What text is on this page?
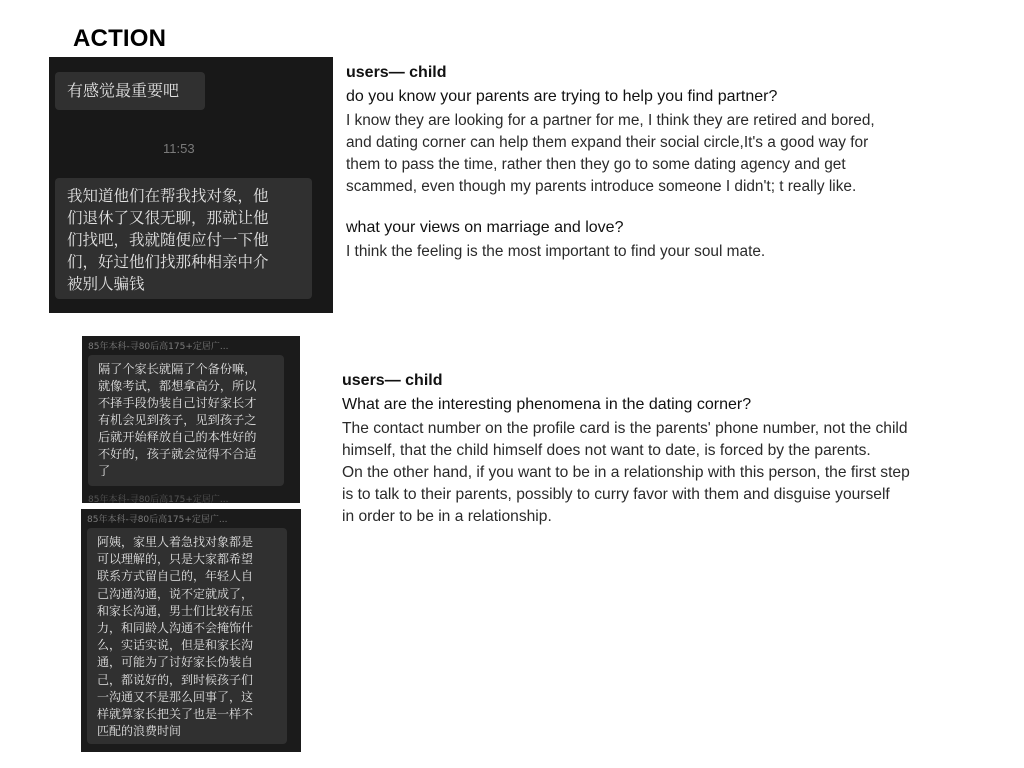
ACTION
有感觉最重要吧
11:53
我知道他们在帮我找对象，他
们退休了又很无聊，那就让他
们找吧，我就随便应付一下他
们，好过他们找那种相亲中介
被别人骗钱
85年本科-寻80后高175+定居广...
隔了个家长就隔了个备份嘛，
就像考试，都想拿高分，所以
不择手段伪装自己讨好家长才
有机会见到孩子，见到孩子之
后就开始释放自己的本性好的
不好的，孩子就会觉得不合适
了
85年本科-寻80后高175+定居广...
85年本科-寻80后高175+定居广...
阿姨，家里人着急找对象都是
可以理解的，只是大家都希望
联系方式留自己的，年轻人自
己沟通沟通，说不定就成了，
和家长沟通，男士们比较有压
力，和同龄人沟通不会掩饰什
么，实话实说，但是和家长沟
通，可能为了讨好家长伪装自
己，都说好的，到时候孩子们
一沟通又不是那么回事了，这
样就算家长把关了也是一样不
匹配的浪费时间

users— child

do you know your parents are trying to help you find partner?

I know they are looking for a partner for me, I think they are retired and bored,
and dating corner can help them expand their social circle,It's a good way for
them to pass the time, rather then they go to some dating agency and get
scammed, even though my parents introduce someone I didn't; t really like.

what your views on marriage and love?

I think the feeling is the most important to find your soul mate.

users— child

What are the interesting phenomena in the dating corner?

The contact number on the profile card is the parents' phone number, not the child
himself, that the child himself does not want to date, is forced by the parents.
On the other hand, if you want to be in a relationship with this person, the first step
is to talk to their parents, possibly to curry favor with them and disguise yourself
in order to be in a relationship.
